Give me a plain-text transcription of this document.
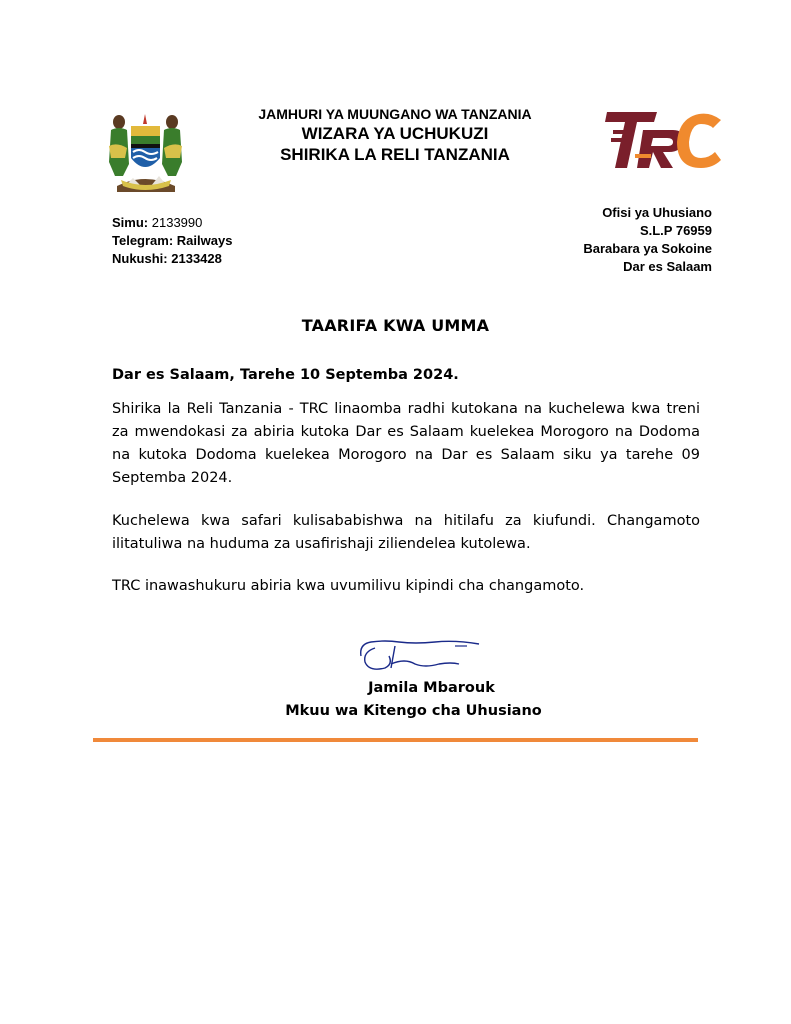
JAMHURI YA MUUNGANO WA TANZANIA
WIZARA YA UCHUKUZI
SHIRIKA LA RELI TANZANIA
Simu: 2133990
Telegram: Railways
Nukushi: 2133428
Ofisi ya Uhusiano
S.L.P 76959
Barabara ya Sokoine
Dar es Salaam
TAARIFA KWA UMMA
Dar es Salaam, Tarehe 10 Septemba 2024.
Shirika la Reli Tanzania - TRC linaomba radhi kutokana na kuchelewa kwa treni za mwendokasi za abiria kutoka Dar es Salaam kuelekea Morogoro na Dodoma na kutoka Dodoma kuelekea Morogoro na Dar es Salaam siku ya tarehe 09 Septemba 2024.
Kuchelewa kwa safari kulisababishwa na hitilafu za kiufundi. Changamoto ilitatuliwa na huduma za usafirishaji ziliendelea kutolewa.
TRC inawashukuru abiria kwa uvumilivu kipindi cha changamoto.
Jamila Mbarouk
Mkuu wa Kitengo cha Uhusiano
